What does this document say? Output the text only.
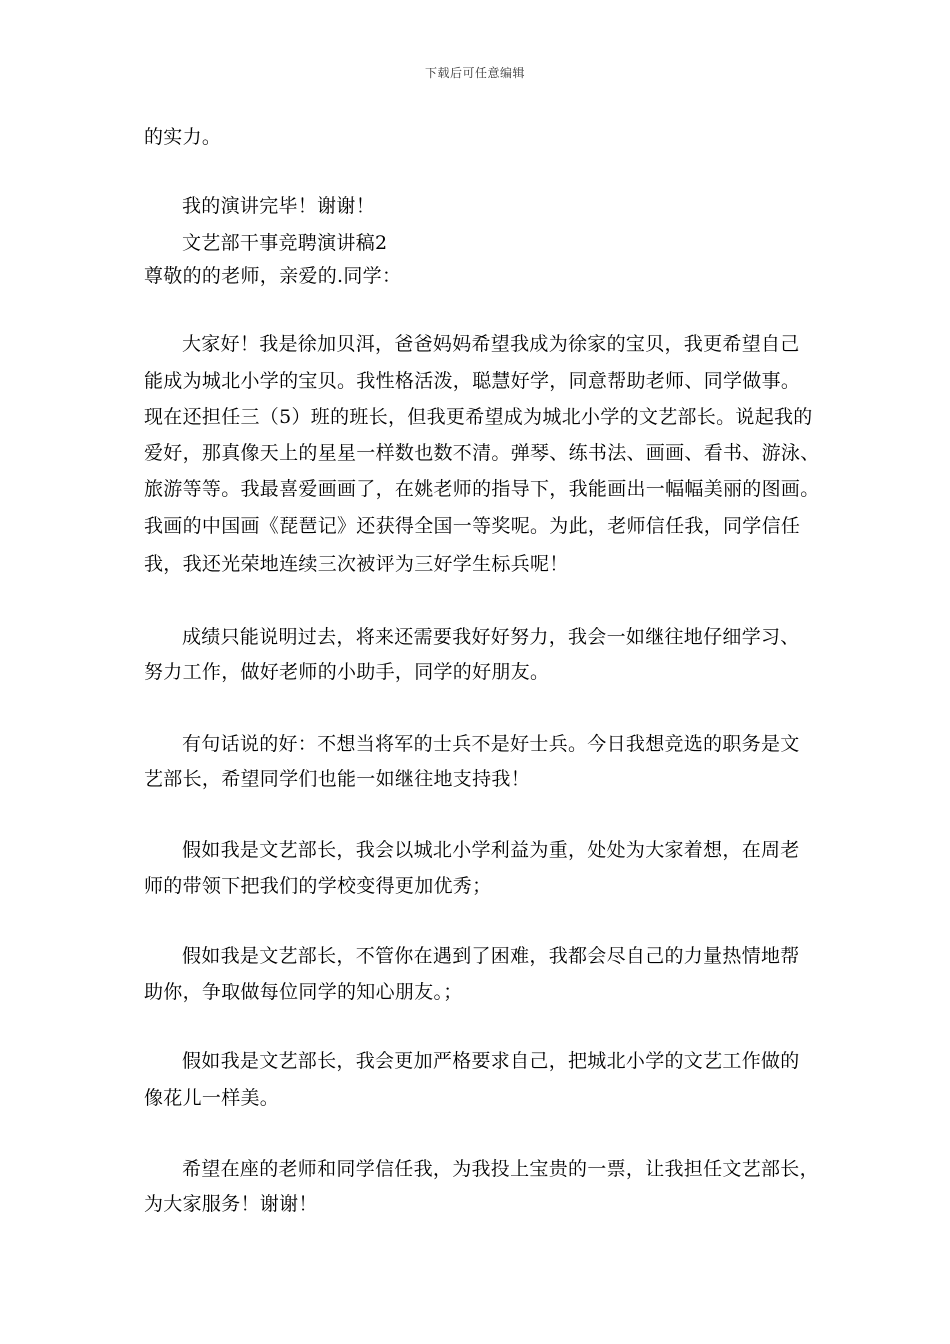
下载后可任意编辑
的实力。
我的演讲完毕！谢谢！
文艺部干事竞聘演讲稿2
尊敬的的老师，亲爱的.同学：
大家好！我是徐加贝洱，爸爸妈妈希望我成为徐家的宝贝，我更希望自己
能成为城北小学的宝贝。我性格活泼，聪慧好学，同意帮助老师、同学做事。
现在还担任三（5）班的班长，但我更希望成为城北小学的文艺部长。说起我的
爱好，那真像天上的星星一样数也数不清。弹琴、练书法、画画、看书、游泳、
旅游等等。我最喜爱画画了，在姚老师的指导下，我能画出一幅幅美丽的图画。
我画的中国画《琵琶记》还获得全国一等奖呢。为此，老师信任我，同学信任
我，我还光荣地连续三次被评为三好学生标兵呢！
成绩只能说明过去，将来还需要我好好努力，我会一如继往地仔细学习、
努力工作，做好老师的小助手，同学的好朋友。
有句话说的好：不想当将军的士兵不是好士兵。今日我想竞选的职务是文
艺部长，希望同学们也能一如继往地支持我！
假如我是文艺部长，我会以城北小学利益为重，处处为大家着想，在周老
师的带领下把我们的学校变得更加优秀；
假如我是文艺部长，不管你在遇到了困难，我都会尽自己的力量热情地帮
助你，争取做每位同学的知心朋友。；
假如我是文艺部长，我会更加严格要求自己，把城北小学的文艺工作做的
像花儿一样美。
希望在座的老师和同学信任我，为我投上宝贵的一票，让我担任文艺部长，
为大家服务！谢谢！
